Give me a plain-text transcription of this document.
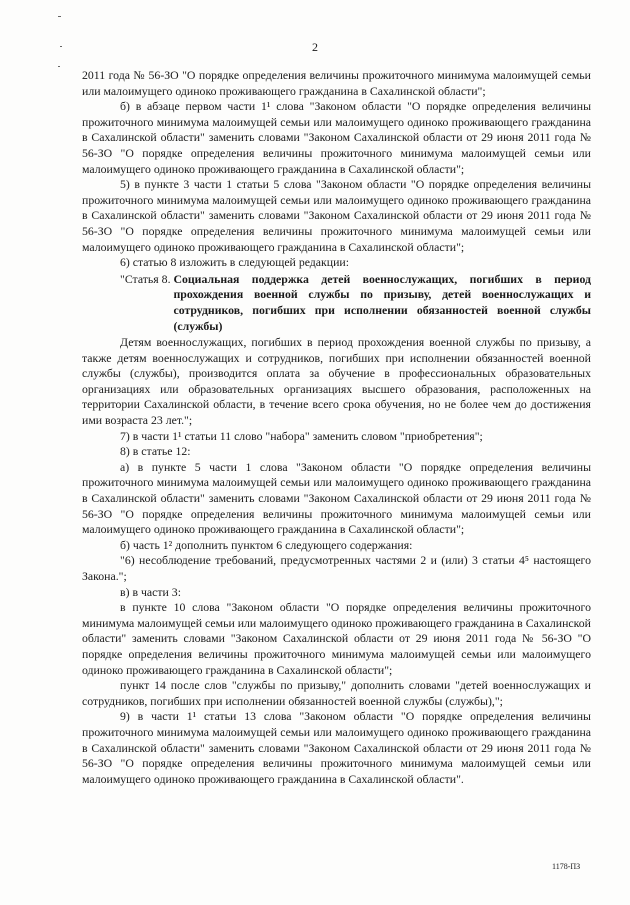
2

2011 года № 56-ЗО "О порядке определения величины прожиточного минимума малоимущей семьи или малоимущего одиноко проживающего гражданина в Сахалинской области";

б) в абзаце первом части 1¹ слова "Законом области "О порядке определения величины прожиточного минимума малоимущей семьи или малоимущего одиноко проживающего гражданина в Сахалинской области" заменить словами "Законом Сахалинской области от 29 июня 2011 года № 56-ЗО "О порядке определения величины прожиточного минимума малоимущей семьи или малоимущего одиноко проживающего гражданина в Сахалинской области";

5) в пункте 3 части 1 статьи 5 слова "Законом области "О порядке определения величины прожиточного минимума малоимущей семьи или малоимущего одиноко проживающего гражданина в Сахалинской области" заменить словами "Законом Сахалинской области от 29 июня 2011 года № 56-ЗО "О порядке определения величины прожиточного минимума малоимущей семьи или малоимущего одиноко проживающего гражданина в Сахалинской области";

6) статью 8 изложить в следующей редакции:

"Статья 8. Социальная поддержка детей военнослужащих, погибших в период прохождения военной службы по призыву, детей военнослужащих и сотрудников, погибших при исполнении обязанностей военной службы (службы)

Детям военнослужащих, погибших в период прохождения военной службы по призыву, а также детям военнослужащих и сотрудников, погибших при исполнении обязанностей военной службы (службы), производится оплата за обучение в профессиональных образовательных организациях или образовательных организациях высшего образования, расположенных на территории Сахалинской области, в течение всего срока обучения, но не более чем до достижения ими возраста 23 лет.";

7) в части 1¹ статьи 11 слово "набора" заменить словом "приобретения";

8) в статье 12:

а) в пункте 5 части 1 слова "Законом области "О порядке определения величины прожиточного минимума малоимущей семьи или малоимущего одиноко проживающего гражданина в Сахалинской области" заменить словами "Законом Сахалинской области от 29 июня 2011 года № 56-ЗО "О порядке определения величины прожиточного минимума малоимущей семьи или малоимущего одиноко проживающего гражданина в Сахалинской области";

б) часть 1² дополнить пунктом 6 следующего содержания:

"6) несоблюдение требований, предусмотренных частями 2 и (или) 3 статьи 4⁵ настоящего Закона.";

в) в части 3:

в пункте 10 слова "Законом области "О порядке определения величины прожиточного минимума малоимущей семьи или малоимущего одиноко проживающего гражданина в Сахалинской области" заменить словами "Законом Сахалинской области от 29 июня 2011 года № 56-ЗО "О порядке определения величины прожиточного минимума малоимущей семьи или малоимущего одиноко проживающего гражданина в Сахалинской области";

пункт 14 после слов "службы по призыву," дополнить словами "детей военнослужащих и сотрудников, погибших при исполнении обязанностей военной службы (службы),";

9) в части 1¹ статьи 13 слова "Законом области "О порядке определения величины прожиточного минимума малоимущей семьи или малоимущего одиноко проживающего гражданина в Сахалинской области" заменить словами "Законом Сахалинской области от 29 июня 2011 года № 56-ЗО "О порядке определения величины прожиточного минимума малоимущей семьи или малоимущего одиноко проживающего гражданина в Сахалинской области".

1178-ПЗ
